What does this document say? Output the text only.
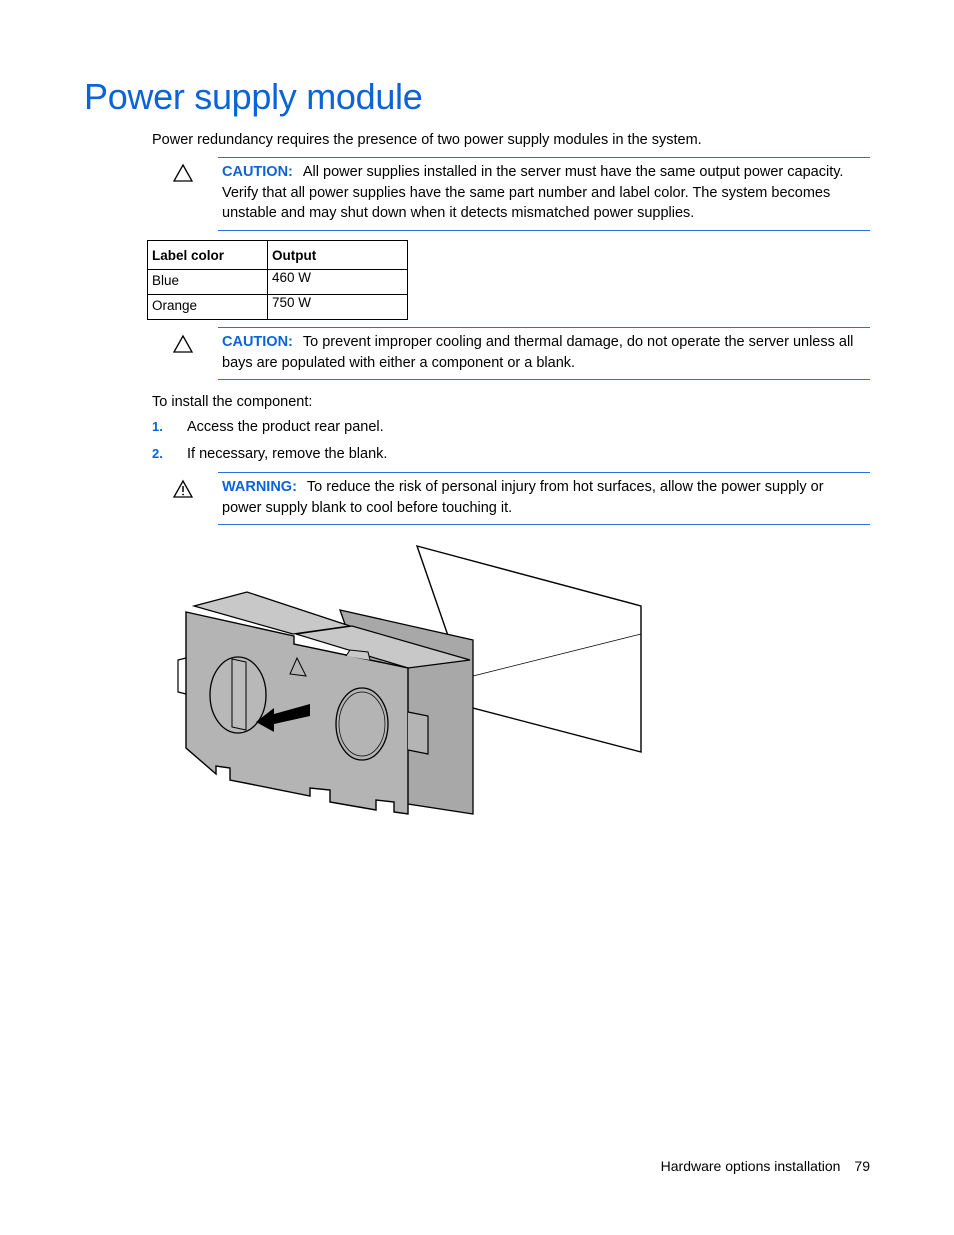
Power supply module

Power redundancy requires the presence of two power supply modules in the system.

CAUTION: All power supplies installed in the server must have the same output power capacity. Verify that all power supplies have the same part number and label color. The system becomes unstable and may shut down when it detects mismatched power supplies.
Label color	Output
Blue	460 W
Orange	750 W
CAUTION: To prevent improper cooling and thermal damage, do not operate the server unless all bays are populated with either a component or a blank.

To install the component:

1. Access the product rear panel.
2. If necessary, remove the blank.
WARNING: To reduce the risk of personal injury from hot surfaces, allow the power supply or power supply blank to cool before touching it.
Hardware options installation 79
